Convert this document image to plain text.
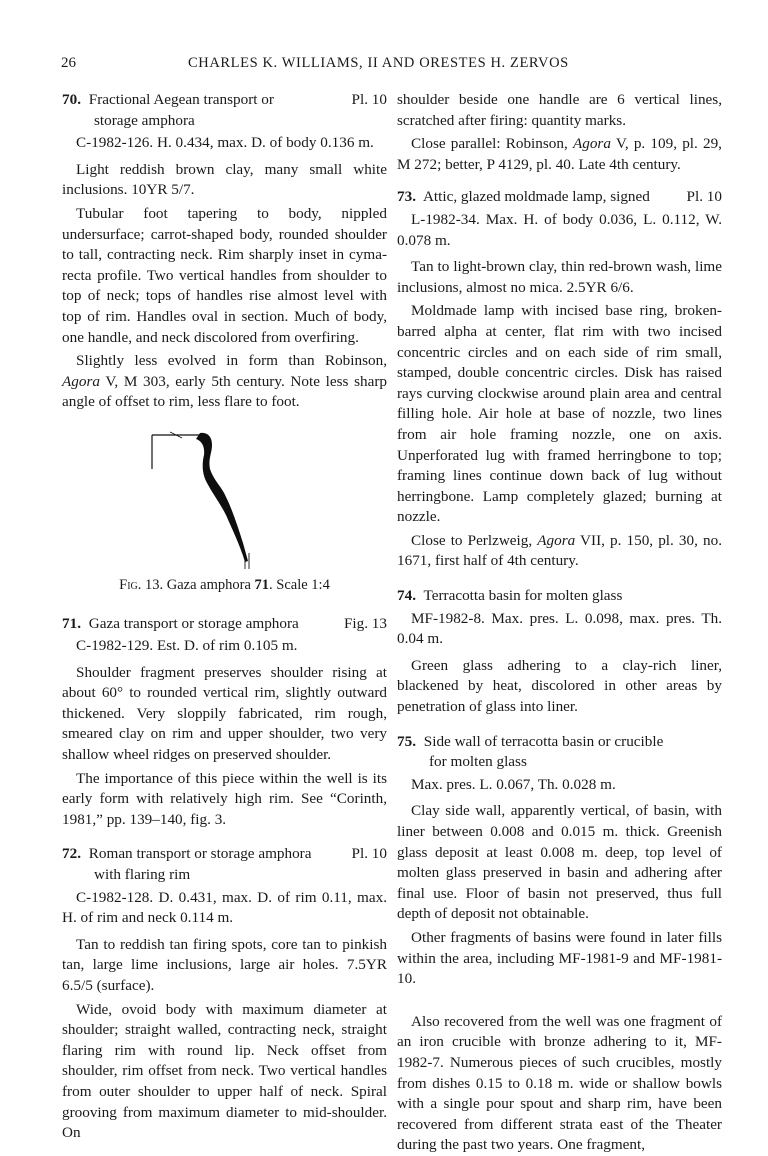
26	CHARLES K. WILLIAMS, II AND ORESTES H. ZERVOS
70. Fractional Aegean transport or
storage amphora
Pl. 10

C-1982-126. H. 0.434, max. D. of body 0.136 m.

Light reddish brown clay, many small white inclusions. 10YR 5/7.

Tubular foot tapering to body, nippled undersurface; carrot-shaped body, rounded shoulder to tall, contracting neck. Rim sharply inset in cyma-recta profile. Two vertical handles from shoulder to top of neck; tops of handles rise almost level with top of rim. Handles oval in section. Much of body, one handle, and neck discolored from overfiring.

Slightly less evolved in form than Robinson, Agora V, M 303, early 5th century. Note less sharp angle of offset to rim, less flare to foot.

Fig. 13. Gaza amphora 71. Scale 1:4
71. Gaza transport or storage amphora	Fig. 13

C-1982-129. Est. D. of rim 0.105 m.

Shoulder fragment preserves shoulder rising at about 60° to rounded vertical rim, slightly outward thickened. Very sloppily fabricated, rim rough, smeared clay on rim and upper shoulder, two very shallow wheel ridges on preserved shoulder.

The importance of this piece within the well is its early form with relatively high rim. See “Corinth, 1981,” pp. 139–140, fig. 3.

72. Roman transport or storage amphora
with flaring rim
Pl. 10

C-1982-128. D. 0.431, max. D. of rim 0.11, max. H. of rim and neck 0.114 m.

Tan to reddish tan firing spots, core tan to pinkish tan, large lime inclusions, large air holes. 7.5YR 6.5/5 (surface).

Wide, ovoid body with maximum diameter at shoulder; straight walled, contracting neck, straight flaring rim with round lip. Neck offset from shoulder, rim offset from neck. Two vertical handles from outer shoulder to upper half of neck. Spiral grooving from maximum diameter to mid-shoulder. On

shoulder beside one handle are 6 vertical lines, scratched after firing: quantity marks.

Close parallel: Robinson, Agora V, p. 109, pl. 29, M 272; better, P 4129, pl. 40. Late 4th century.

73. Attic, glazed moldmade lamp, signed	Pl. 10

L-1982-34. Max. H. of body 0.036, L. 0.112, W. 0.078 m.

Tan to light-brown clay, thin red-brown wash, lime inclusions, almost no mica. 2.5YR 6/6.

Moldmade lamp with incised base ring, broken-barred alpha at center, flat rim with two incised concentric circles and on each side of rim small, stamped, double concentric circles. Disk has raised rays curving clockwise around plain area and central filling hole. Air hole at base of nozzle, two lines from air hole framing nozzle, one on axis. Unperforated lug with framed herringbone to top; framing lines continue down back of lug without herringbone. Lamp completely glazed; burning at nozzle.

Close to Perlzweig, Agora VII, p. 150, pl. 30, no. 1671, first half of 4th century.

74. Terracotta basin for molten glass

MF-1982-8. Max. pres. L. 0.098, max. pres. Th. 0.04 m.

Green glass adhering to a clay-rich liner, blackened by heat, discolored in other areas by penetration of glass into liner.

75. Side wall of terracotta basin or crucible
for molten glass

Max. pres. L. 0.067, Th. 0.028 m.

Clay side wall, apparently vertical, of basin, with liner between 0.008 and 0.015 m. thick. Greenish glass deposit at least 0.008 m. deep, top level of molten glass preserved in basin and adhering after final use. Floor of basin not preserved, thus full depth of deposit not obtainable.

Other fragments of basins were found in later fills within the area, including MF-1981-9 and MF-1981-10.

Also recovered from the well was one fragment of an iron crucible with bronze adhering to it, MF-1982-7. Numerous pieces of such crucibles, mostly from dishes 0.15 to 0.18 m. wide or shallow bowls with a single pour spout and sharp rim, have been recovered from different strata east of the Theater during the past two years. One fragment,
